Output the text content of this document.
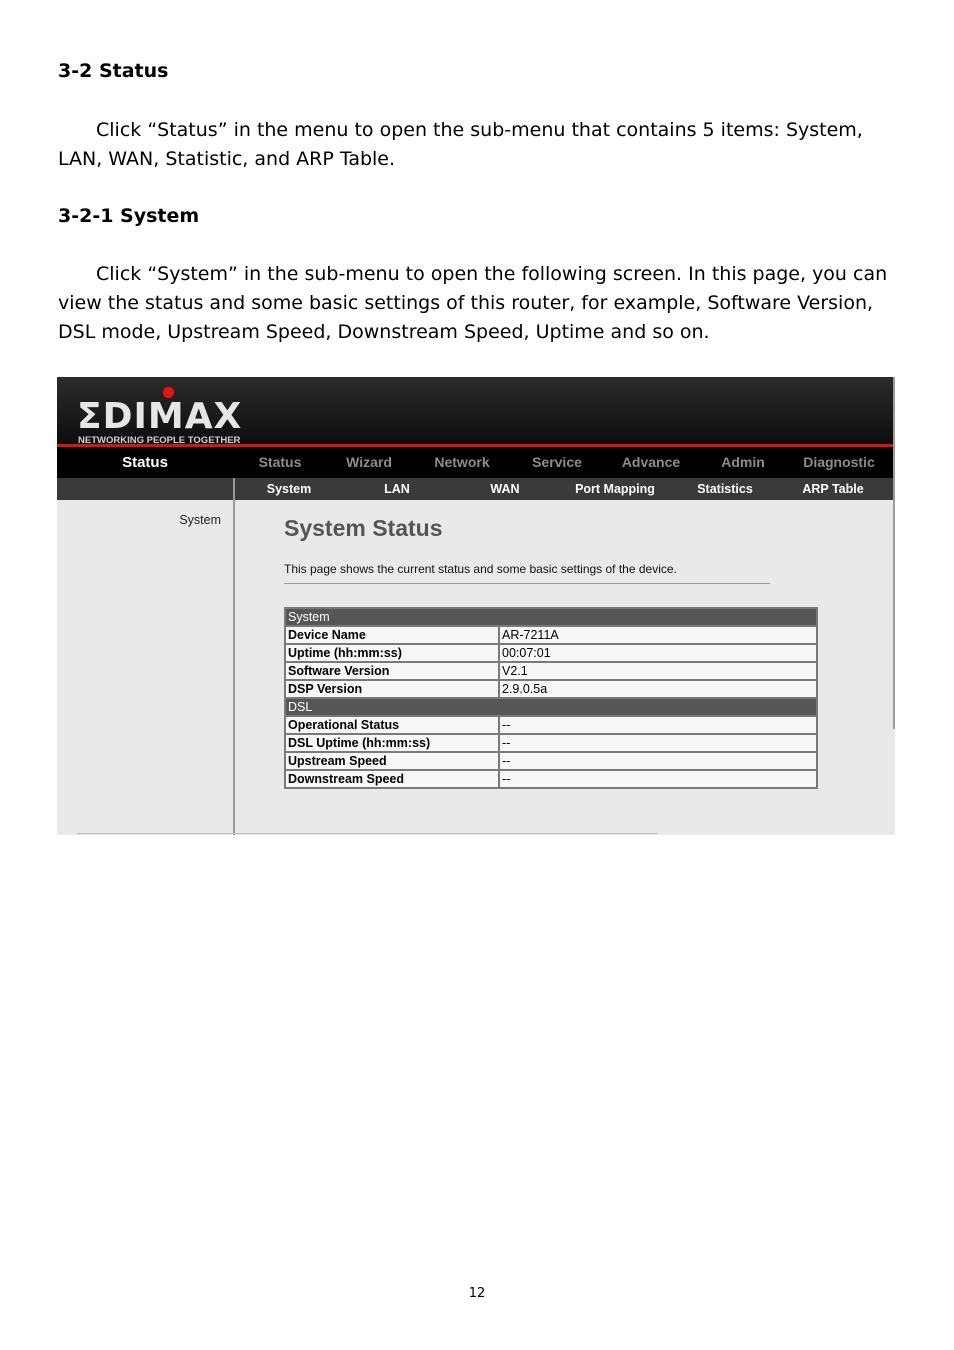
3-2 Status
Click “Status” in the menu to open the sub-menu that contains 5 items: System, LAN, WAN, Statistic, and ARP Table.
3-2-1 System
Click “System” in the sub-menu to open the following screen. In this page, you can view the status and some basic settings of this router, for example, Software Version, DSL mode, Upstream Speed, Downstream Speed, Uptime and so on.
ΣDIMAX
NETWORKING PEOPLE TOGETHER
Status	Status	Wizard	Network	Service	Advance	Admin	Diagnostic
System	LAN	WAN	Port Mapping	Statistics	ARP Table
System	System Status
This page shows the current status and some basic settings of the device.
System	
Device Name	AR-7211A
Uptime (hh:mm:ss)	00:07:01
Software Version	V2.1
DSP Version	2.9.0.5a
DSL	
Operational Status	--
DSL Uptime (hh:mm:ss)	--
Upstream Speed	--
Downstream Speed	--
12
